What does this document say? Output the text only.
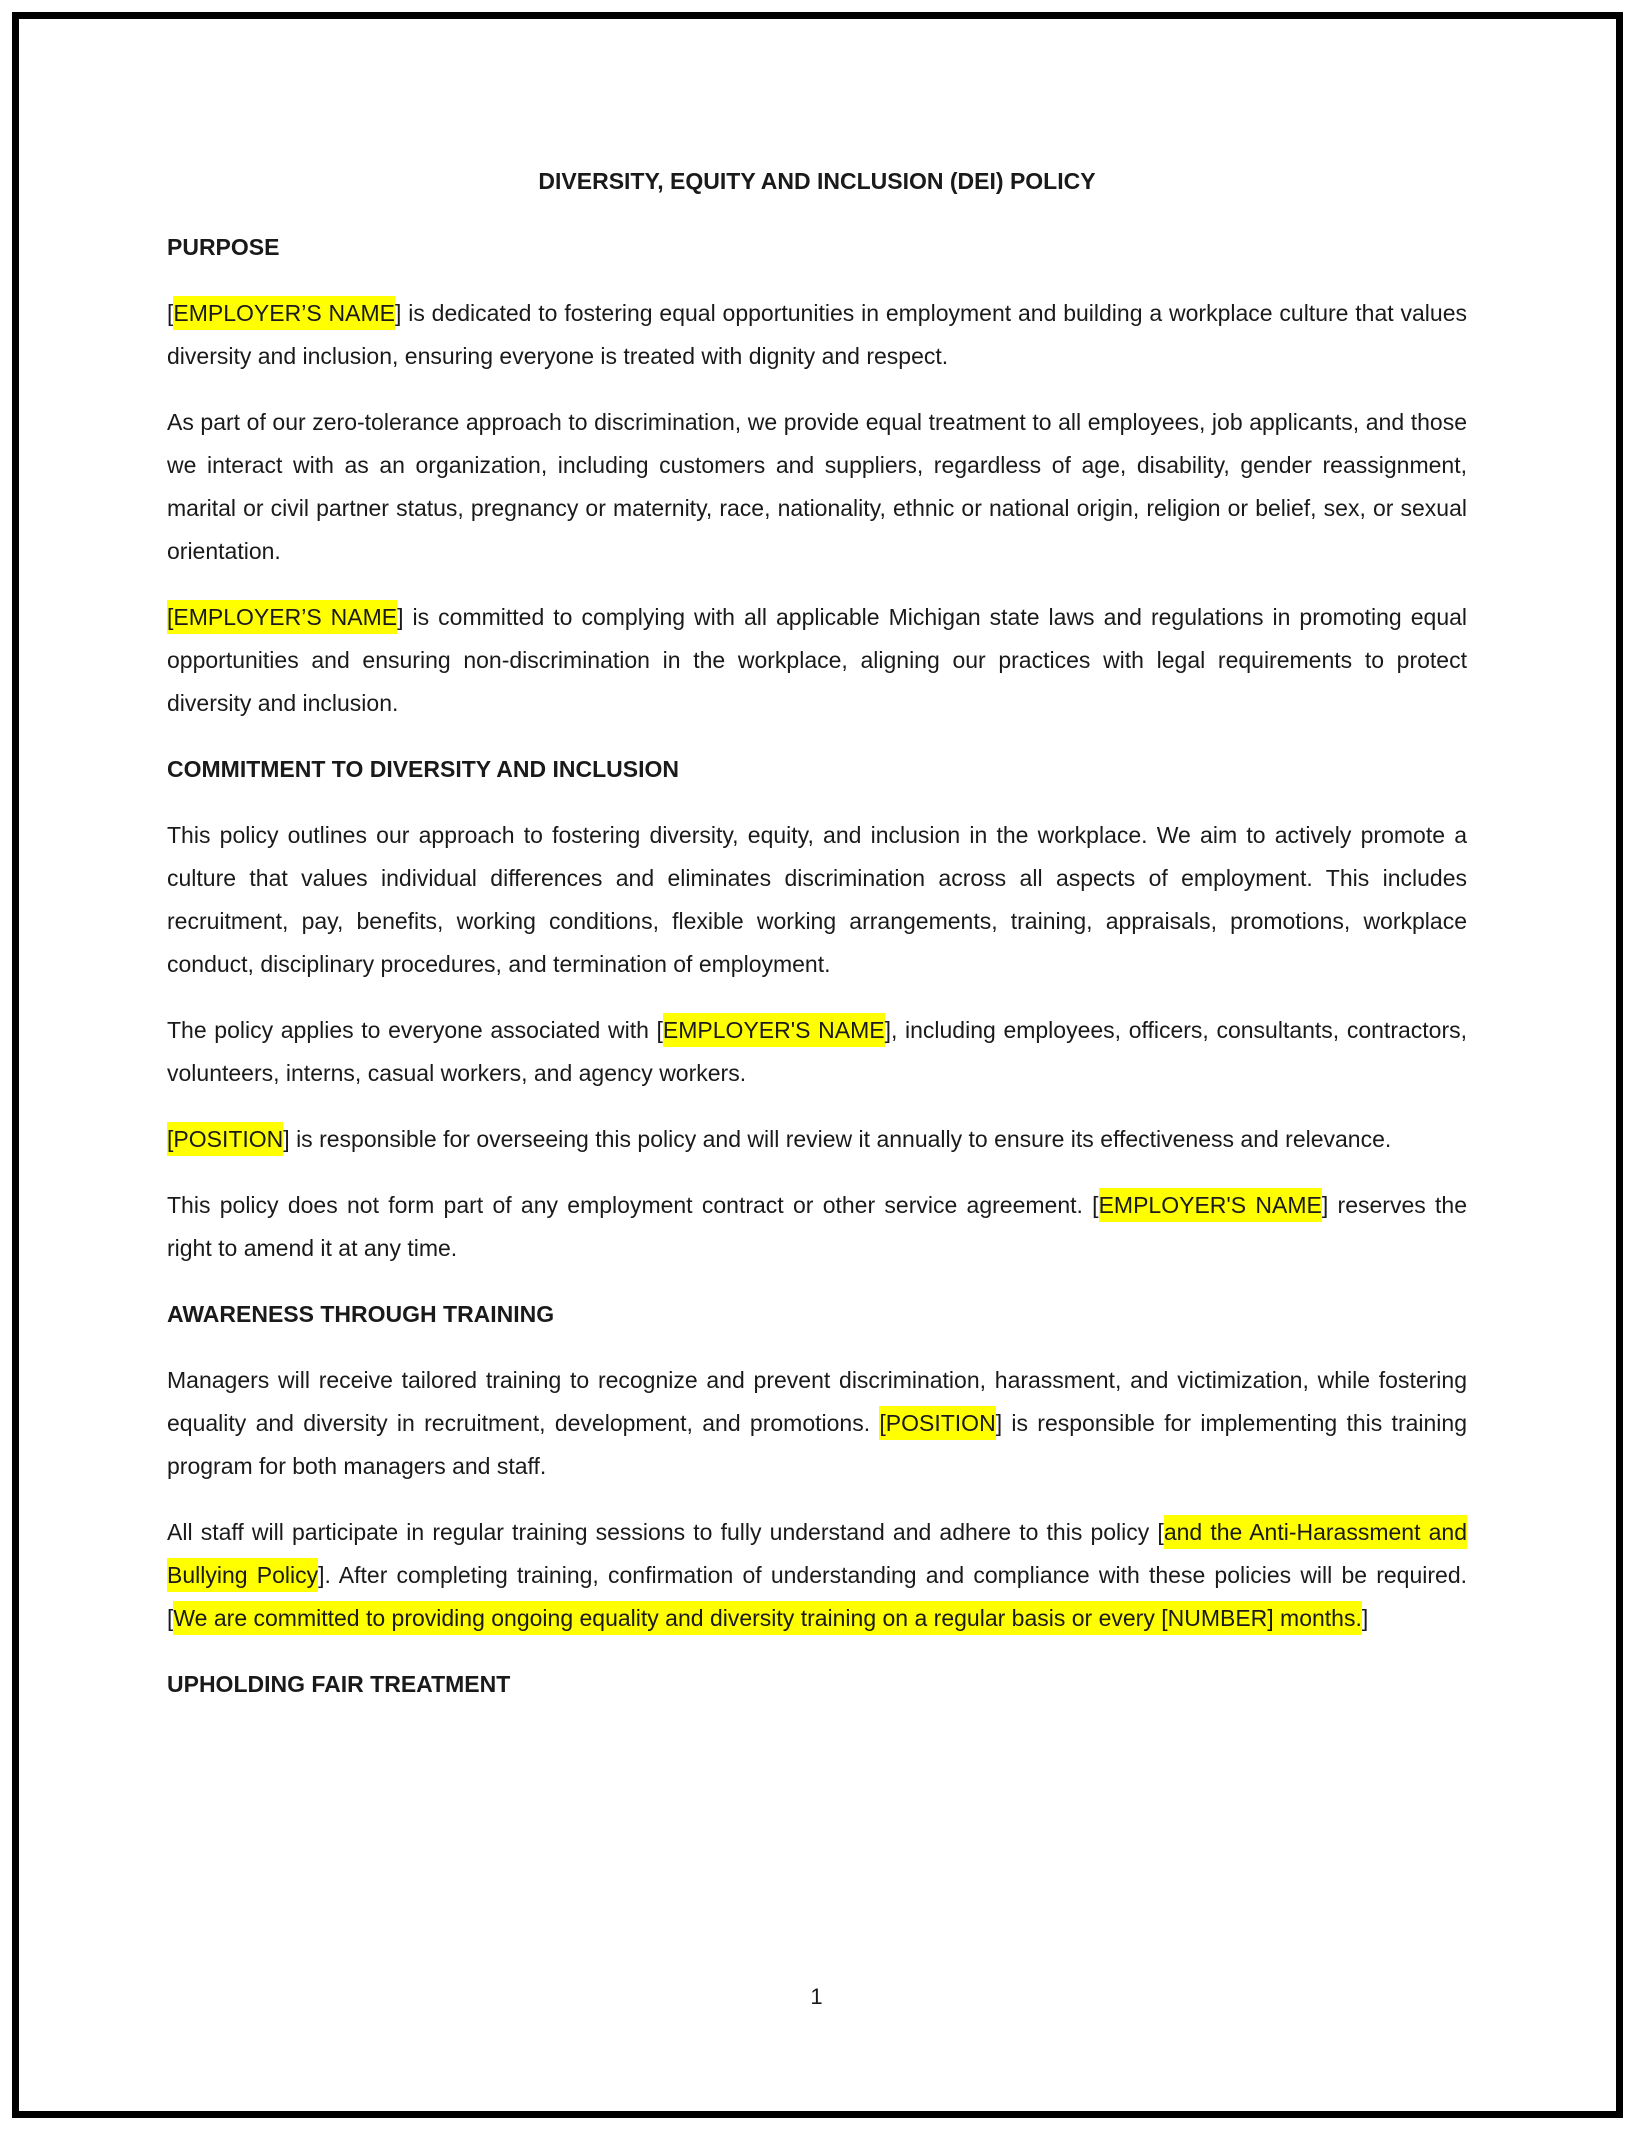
DIVERSITY, EQUITY AND INCLUSION (DEI) POLICY
PURPOSE

[EMPLOYER’S NAME] is dedicated to fostering equal opportunities in employment and building a workplace culture that values diversity and inclusion, ensuring everyone is treated with dignity and respect.

As part of our zero-tolerance approach to discrimination, we provide equal treatment to all employees, job applicants, and those we interact with as an organization, including customers and suppliers, regardless of age, disability, gender reassignment, marital or civil partner status, pregnancy or maternity, race, nationality, ethnic or national origin, religion or belief, sex, or sexual orientation.

[EMPLOYER’S NAME] is committed to complying with all applicable Michigan state laws and regulations in promoting equal opportunities and ensuring non-discrimination in the workplace, aligning our practices with legal requirements to protect diversity and inclusion.

COMMITMENT TO DIVERSITY AND INCLUSION

This policy outlines our approach to fostering diversity, equity, and inclusion in the workplace. We aim to actively promote a culture that values individual differences and eliminates discrimination across all aspects of employment. This includes recruitment, pay, benefits, working conditions, flexible working arrangements, training, appraisals, promotions, workplace conduct, disciplinary procedures, and termination of employment.

The policy applies to everyone associated with [EMPLOYER'S NAME], including employees, officers, consultants, contractors, volunteers, interns, casual workers, and agency workers.

[POSITION] is responsible for overseeing this policy and will review it annually to ensure its effectiveness and relevance.

This policy does not form part of any employment contract or other service agreement. [EMPLOYER'S NAME] reserves the right to amend it at any time.

AWARENESS THROUGH TRAINING

Managers will receive tailored training to recognize and prevent discrimination, harassment, and victimization, while fostering equality and diversity in recruitment, development, and promotions. [POSITION] is responsible for implementing this training program for both managers and staff.

All staff will participate in regular training sessions to fully understand and adhere to this policy [and the Anti-Harassment and Bullying Policy]. After completing training, confirmation of understanding and compliance with these policies will be required. [We are committed to providing ongoing equality and diversity training on a regular basis or every [NUMBER] months.]

UPHOLDING FAIR TREATMENT
1
